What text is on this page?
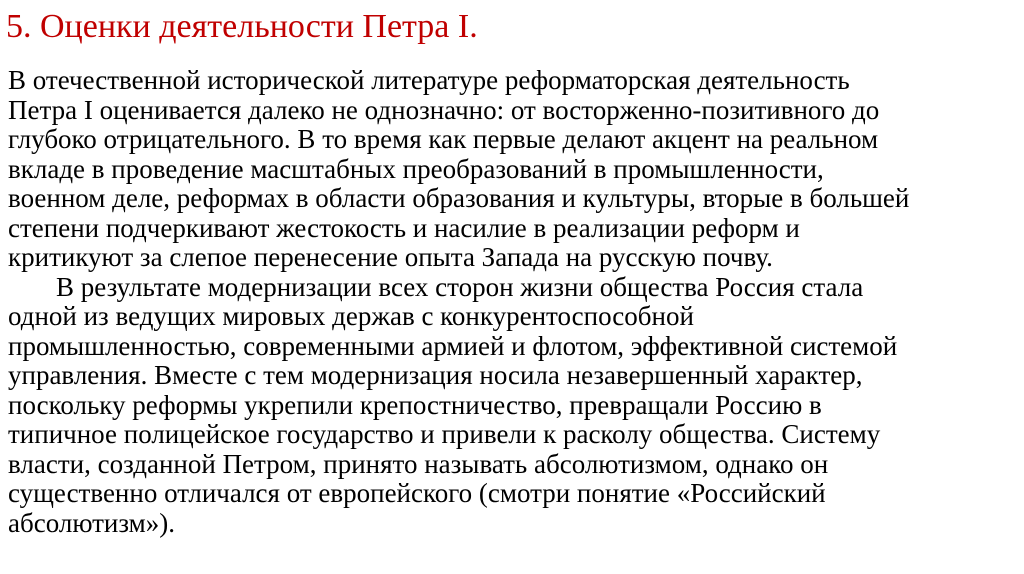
5. Оценки деятельности Петра I.
В отечественной исторической литературе реформаторская деятельность
Петра I оценивается далеко не однозначно: от восторженно-позитивного до
глубоко отрицательного. В то время как первые делают акцент на реальном
вкладе в проведение масштабных преобразований в промышленности,
военном деле, реформах в области образования и культуры, вторые в большей
степени подчеркивают жестокость и насилие в реализации реформ и
критикуют за слепое перенесение опыта Запада на русскую почву.
В результате модернизации всех сторон жизни общества Россия стала
одной из ведущих мировых держав с конкурентоспособной
промышленностью, современными армией и флотом, эффективной системой
управления. Вместе с тем модернизация носила незавершенный характер,
поскольку реформы укрепили крепостничество, превращали Россию в
типичное полицейское государство и привели к расколу общества. Систему
власти, созданной Петром, принято называть абсолютизмом, однако он
существенно отличался от европейского (смотри понятие «Российский
абсолютизм»).
